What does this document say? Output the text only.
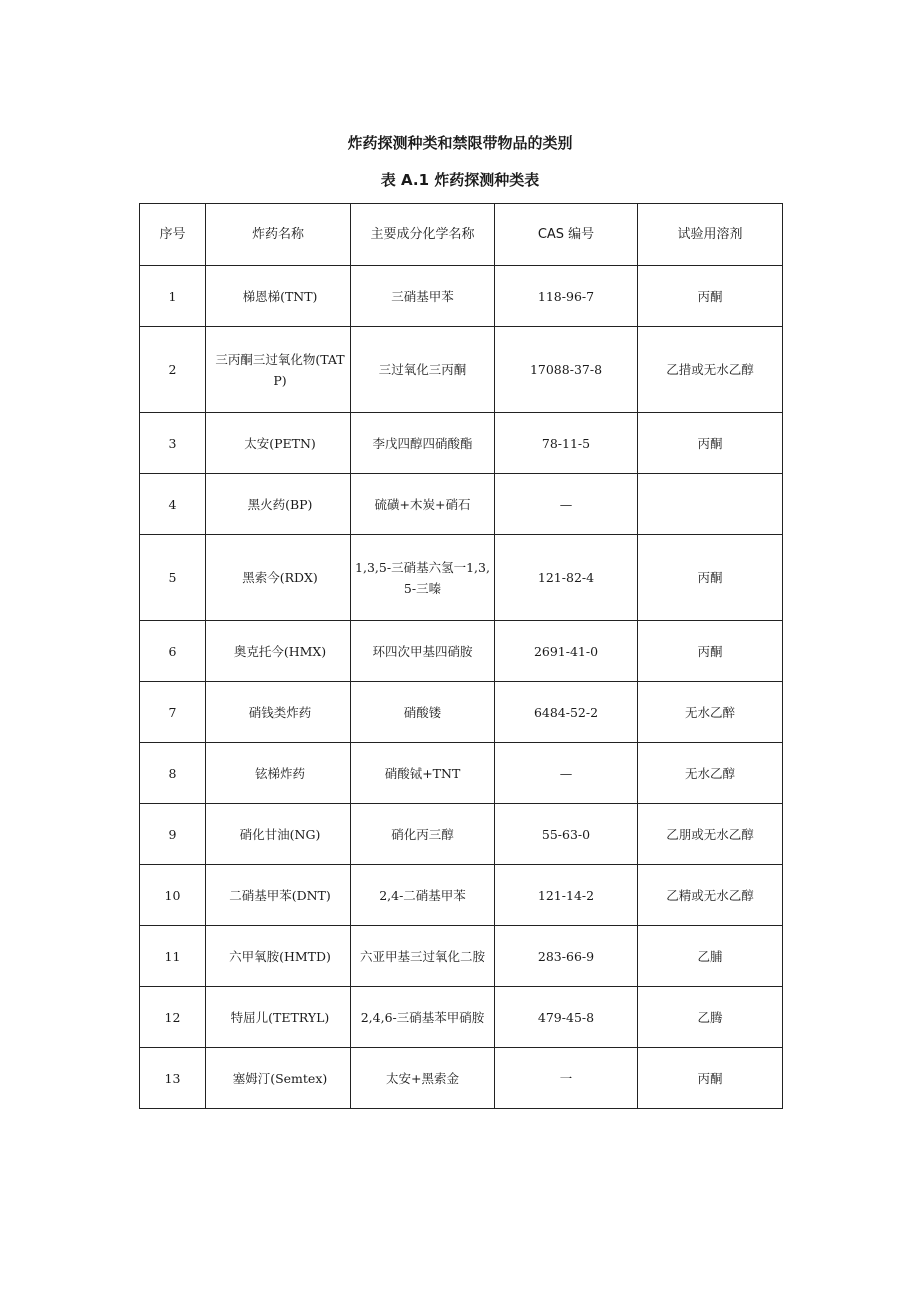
炸药探测种类和禁限带物品的类别
表 A.1 炸药探测种类表
序号	炸药名称	主要成分化学名称	CAS 编号	试验用溶剂
1	梯恩梯(TNT)	三硝基甲苯	118-96-7	丙酮
2	三丙酮三过氧化物(TATP)	三过氧化三丙酮	17088-37-8	乙措或无水乙醇
3	太安(PETN)	李戊四醇四硝酸酯	78-11-5	丙酮
4	黑火药(BP)	硫磺+木炭+硝石	—	
5	黑索今(RDX)	1,3,5-三硝基六氢一1,3,5-三嗪	121-82-4	丙酮
6	奥克托今(HMX)	环四次甲基四硝胺	2691-41-0	丙酮
7	硝钱类炸药	硝酸镂	6484-52-2	无水乙醉
8	铉梯炸药	硝酸铽+TNT	—	无水乙醇
9	硝化甘油(NG)	硝化丙三醇	55-63-0	乙朋或无水乙醇
10	二硝基甲苯(DNT)	2,4-二硝基甲苯	121-14-2	乙精或无水乙醇
11	六甲氧胺(HMTD)	六亚甲基三过氧化二胺	283-66-9	乙脯
12	特屈儿(TETRYL)	2,4,6-三硝基苯甲硝胺	479-45-8	乙腾
13	塞姆汀(Semtex)	太安+黑索金	一	丙酮
